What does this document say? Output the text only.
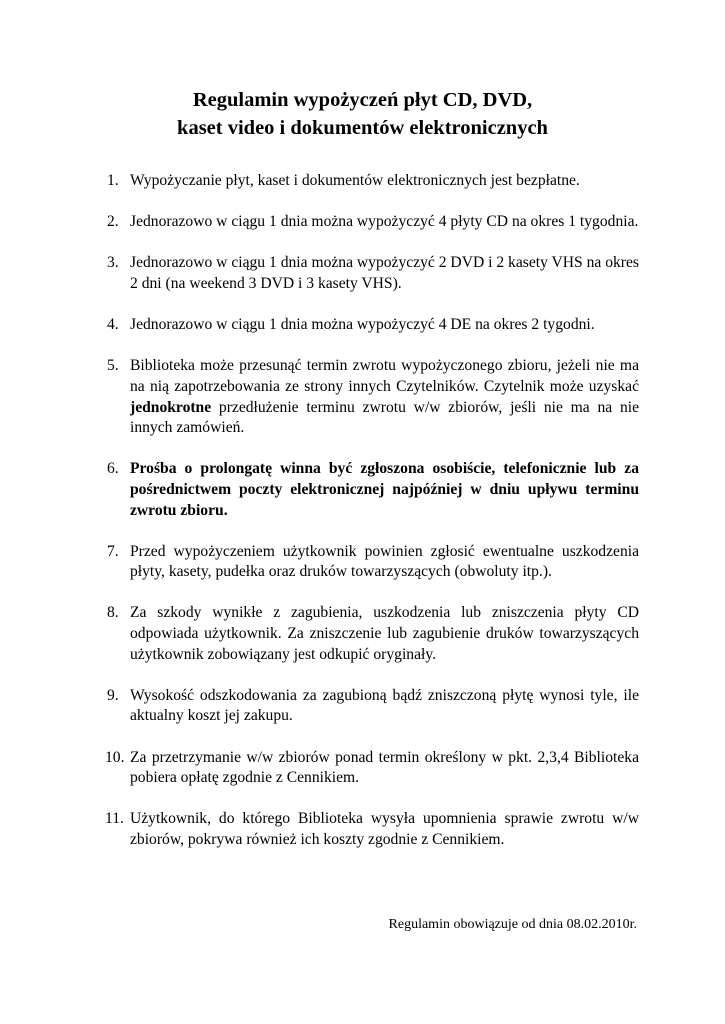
Regulamin wypożyczeń płyt CD, DVD,
kaset video i dokumentów elektronicznych
1. Wypożyczanie płyt, kaset i dokumentów elektronicznych jest bezpłatne.
2. Jednorazowo w ciągu 1 dnia można wypożyczyć 4 płyty CD na okres 1 tygodnia.
3. Jednorazowo w ciągu 1 dnia można wypożyczyć 2 DVD i 2 kasety VHS na okres 2 dni (na weekend 3 DVD i 3 kasety VHS).
4. Jednorazowo w ciągu 1 dnia można wypożyczyć 4 DE na okres 2 tygodni.
5. Biblioteka może przesunąć termin zwrotu wypożyczonego zbioru, jeżeli nie ma na nią zapotrzebowania ze strony innych Czytelników. Czytelnik może uzyskać jednokrotne przedłużenie terminu zwrotu w/w zbiorów, jeśli nie ma na nie innych zamówień.
6. Prośba o prolongatę winna być zgłoszona osobiście, telefonicznie lub za pośrednictwem poczty elektronicznej najpóźniej w dniu upływu terminu zwrotu zbioru.
7. Przed wypożyczeniem użytkownik powinien zgłosić ewentualne uszkodzenia płyty, kasety, pudełka oraz druków towarzyszących (obwoluty itp.).
8. Za szkody wynikłe z zagubienia, uszkodzenia lub zniszczenia płyty CD odpowiada użytkownik. Za zniszczenie lub zagubienie druków towarzyszących użytkownik zobowiązany jest odkupić oryginały.
9. Wysokość odszkodowania za zagubioną bądź zniszczoną płytę wynosi tyle, ile aktualny koszt jej zakupu.
10. Za przetrzymanie w/w zbiorów ponad termin określony w pkt. 2,3,4 Biblioteka pobiera opłatę zgodnie z Cennikiem.
11. Użytkownik, do którego Biblioteka wysyła upomnienia sprawie zwrotu w/w zbiorów, pokrywa również ich koszty zgodnie z Cennikiem.
Regulamin obowiązuje od dnia 08.02.2010r.
